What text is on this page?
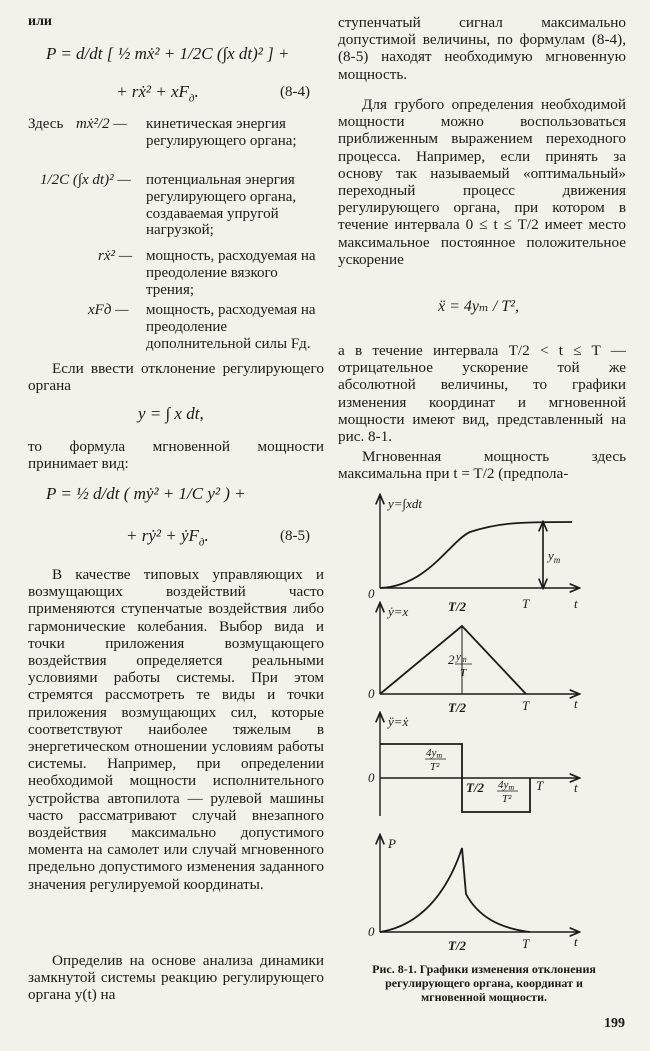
или
P = d/dt [ ½ mẋ² + 1/2C (∫x dt)² ] +
+ rẋ² + $xF_д$.	(8-4)
Здесь mẋ²/2 — кинетическая энергия регулирующего органа;
1/2C (∫x dt)² — потенциальная энергия регулирующего органа, создаваемая упругой нагрузкой;
rẋ² — мощность, расходуемая на преодоление вязкого трения;
xFд — мощность, расходуемая на преодоление дополнительной силы Fд.

Если ввести отклонение регулирующего органа

y = ∫ x dt,

то формула мгновенной мощности принимает вид:

P = ½ d/dt ( mẏ² + 1/C y² ) +
+ rẏ² + ẏF$_д$.	(8-5)

В качестве типовых управляющих и возмущающих воздействий часто применяются ступенчатые воздействия либо гармонические колебания. Выбор вида и точки приложения возмущающего воздействия определяется реальными условиями работы системы. При этом стремятся рассмотреть те виды и точки приложения возмущающих сил, которые соответствуют наиболее тяжелым в энергетическом отношении условиям работы системы. Например, при определении необходимой мощности исполнительного устройства автопилота — рулевой машины часто рассматривают случай внезапного воздействия максимально допустимого момента на самолет или случай мгновенного предельно допустимого изменения заданного значения регулируемой координаты.

Определив на основе анализа динамики замкнутой системы реакцию регулирующего органа y(t) на

ступенчатый сигнал максимально допустимой величины, по формулам (8-4), (8-5) находят необходимую мгновенную мощность.

Для грубого определения необходимой мощности можно воспользоваться приближенным выражением переходного процесса. Например, если принять за основу так называемый «оптимальный» переходный процесс движения регулирующего органа, при котором в течение интервала 0 ≤ t ≤ T/2 имеет место максимальное постоянное положительное ускорение

ẍ = 4yₘ / T²,

а в течение интервала T/2 < t ≤ T — отрицательное ускорение той же абсолютной величины, то графики изменения координат и мгновенной мощности имеют вид, представленный на рис. 8-1.

Мгновенная мощность здесь максимальна при t = T/2 (предпола-

y=∫xdt
$y_m$
0
T/2	T	t
ẏ=x
2 ym
T
0
T/2	T	t
ÿ=ẋ
4ym
T²
0
T/2 4ym
T²
T t
P
0
T/2	T	t
Рис. 8-1. Графики изменения отклонения регулирующего органа, координат и мгновенной мощности.
199
